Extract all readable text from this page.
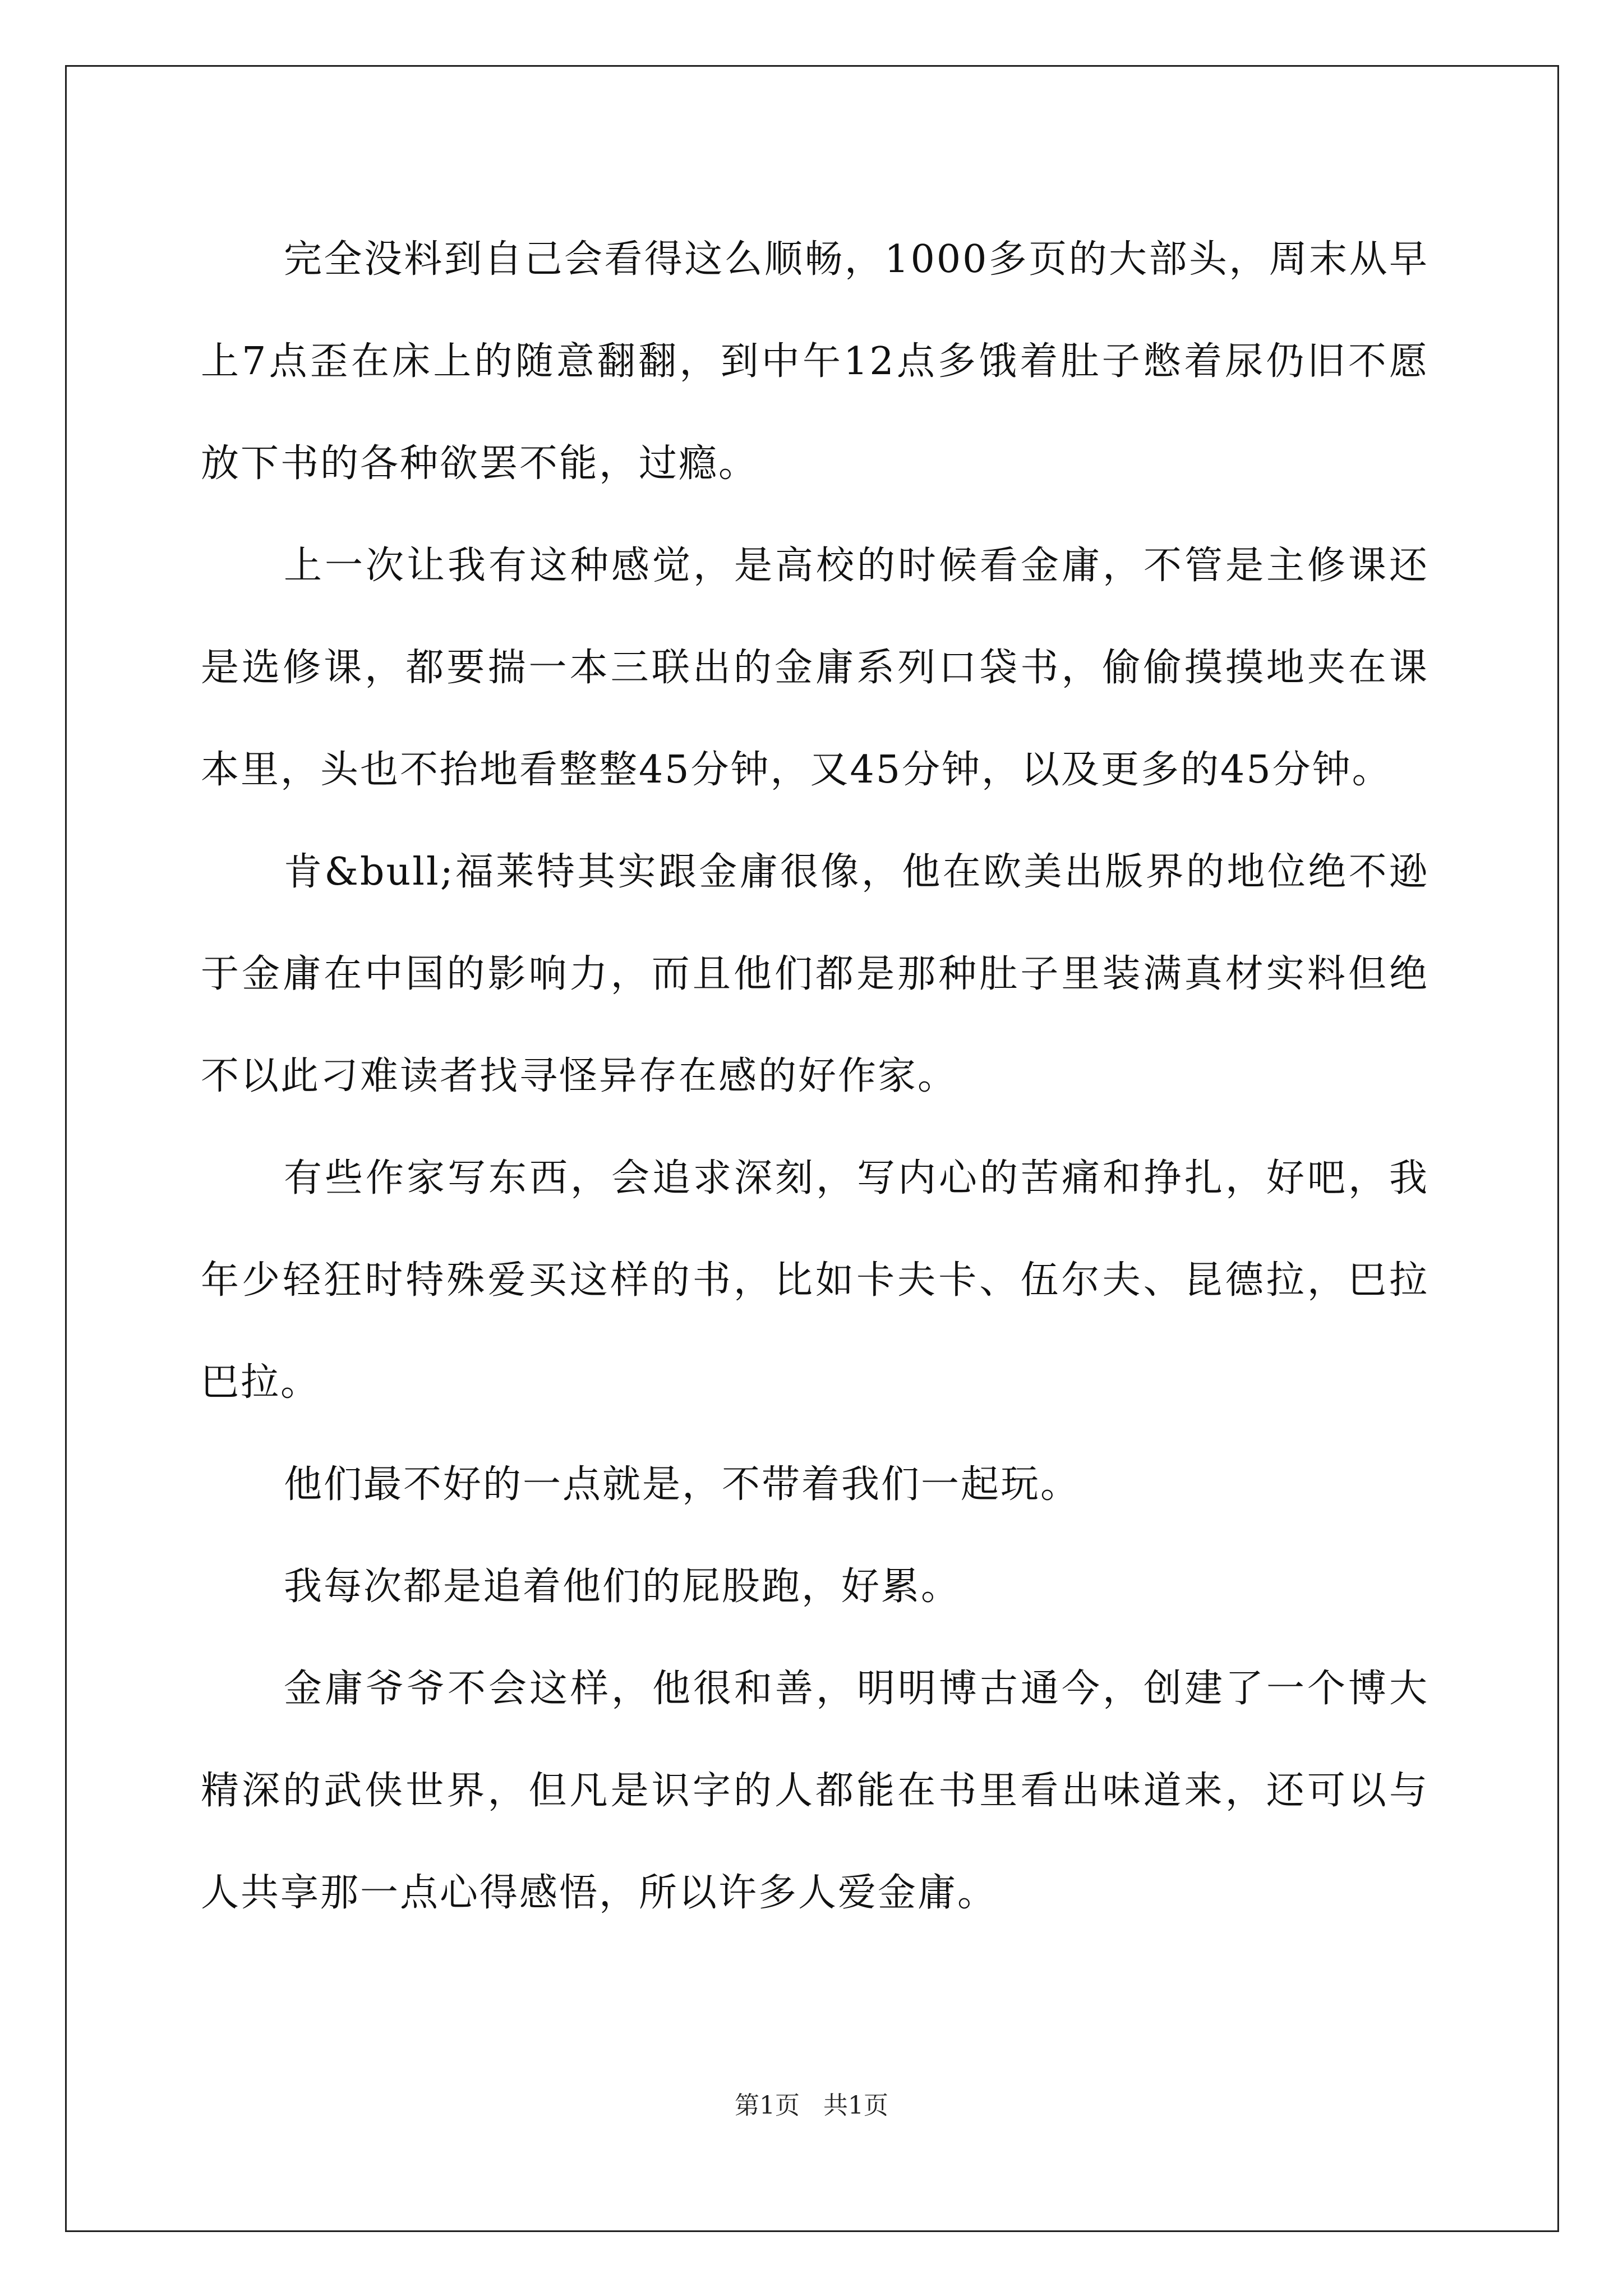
完全没料到自己会看得这么顺畅，1000多页的大部头，周末从早上7点歪在床上的随意翻翻，到中午12点多饿着肚子憋着尿仍旧不愿放下书的各种欲罢不能，过瘾。

上一次让我有这种感觉，是高校的时候看金庸，不管是主修课还是选修课，都要揣一本三联出的金庸系列口袋书，偷偷摸摸地夹在课本里，头也不抬地看整整45分钟，又45分钟，以及更多的45分钟。

肯&bull;福莱特其实跟金庸很像，他在欧美出版界的地位绝不逊于金庸在中国的影响力，而且他们都是那种肚子里装满真材实料但绝不以此刁难读者找寻怪异存在感的好作家。

有些作家写东西，会追求深刻，写内心的苦痛和挣扎，好吧，我年少轻狂时特殊爱买这样的书，比如卡夫卡、伍尔夫、昆德拉，巴拉巴拉。

他们最不好的一点就是，不带着我们一起玩。

我每次都是追着他们的屁股跑，好累。

金庸爷爷不会这样，他很和善，明明博古通今，创建了一个博大精深的武侠世界，但凡是识字的人都能在书里看出味道来，还可以与人共享那一点心得感悟，所以许多人爱金庸。

第1页 共1页
